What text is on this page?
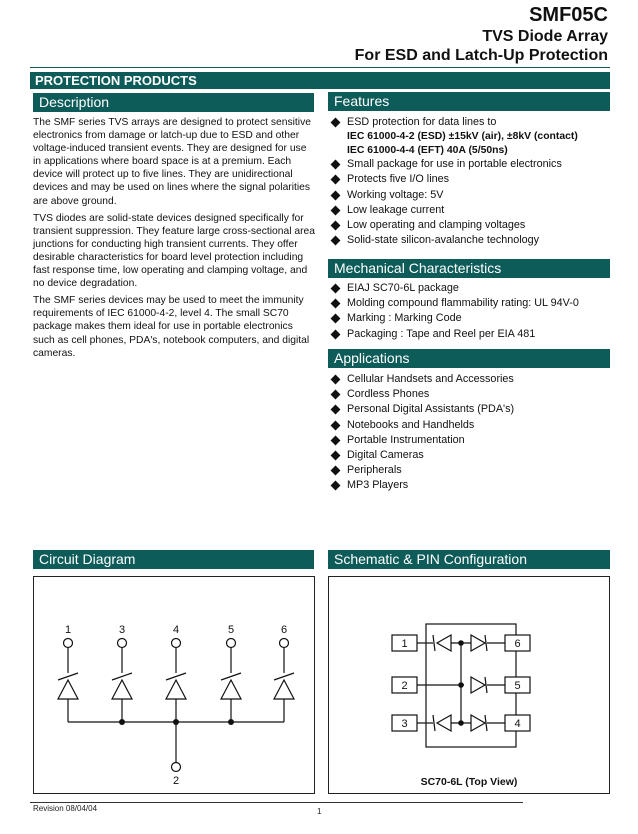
SMF05C
TVS Diode Array
For ESD and Latch-Up Protection
PROTECTION PRODUCTS
Description

The SMF series TVS arrays are designed to protect sensitive electronics from damage or latch-up due to ESD and other voltage-induced transient events. They are designed for use in applications where board space is at a premium. Each device will protect up to five lines. They are unidirectional devices and may be used on lines where the signal polarities are above ground.

TVS diodes are solid-state devices designed specifically for transient suppression. They feature large cross-sectional area junctions for conducting high transient currents. They offer desirable characteristics for board level protection including fast response time, low operating and clamping voltage, and no device degradation.

The SMF series devices may be used to meet the immunity requirements of IEC 61000-4-2, level 4. The small SC70 package makes them ideal for use in portable electronics such as cell phones, PDA's, notebook computers, and digital cameras.

Features
ESD protection for data lines to
IEC 61000-4-2 (ESD) ±15kV (air), ±8kV (contact)
IEC 61000-4-4 (EFT) 40A (5/50ns)
Small package for use in portable electronics
Protects five I/O lines
Working voltage: 5V
Low leakage current
Low operating and clamping voltages
Solid-state silicon-avalanche technology
Mechanical Characteristics
EIAJ SC70-6L package
Molding compound flammability rating: UL 94V-0
Marking : Marking Code
Packaging : Tape and Reel per EIA 481
Applications
Cellular Handsets and Accessories
Cordless Phones
Personal Digital Assistants (PDA's)
Notebooks and Handhelds
Portable Instrumentation
Digital Cameras
Peripherals
MP3 Players
Circuit Diagram
1	3	4	5	6
2
Schematic & PIN Configuration
1
2
3
6
5
4
SC70-6L (Top View)
Revision 08/04/04	1
